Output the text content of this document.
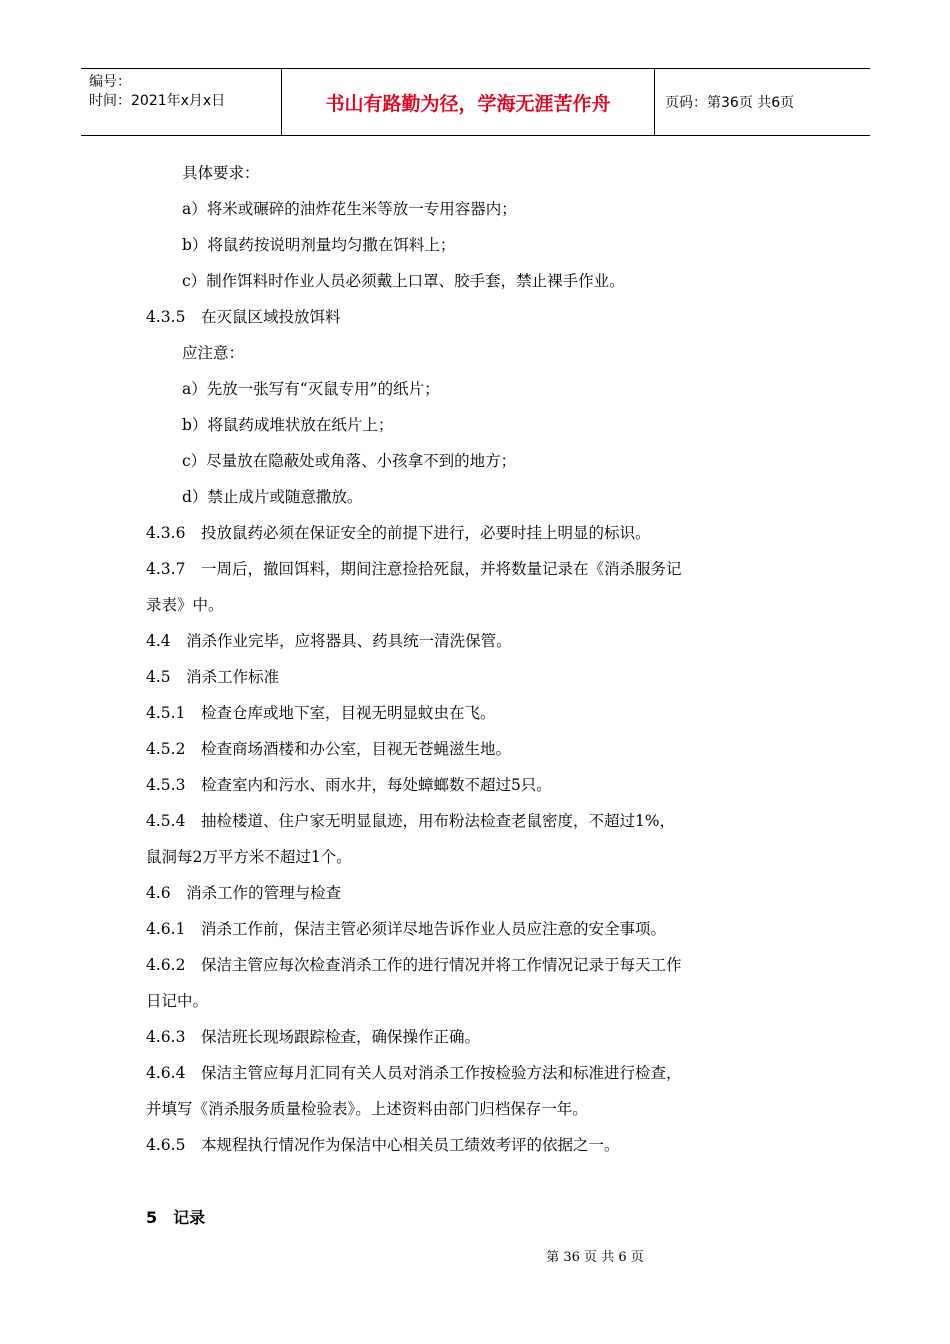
编号：
时间：2021年x月x日	书山有路勤为径，学海无涯苦作舟	页码：第36页 共6页
具体要求：
a）将米或碾碎的油炸花生米等放一专用容器内；
b）将鼠药按说明剂量均匀撒在饵料上；
c）制作饵料时作业人员必须戴上口罩、胶手套，禁止裸手作业。
4.3.5　在灭鼠区域投放饵料
应注意：
a）先放一张写有“灭鼠专用”的纸片；
b）将鼠药成堆状放在纸片上；
c）尽量放在隐蔽处或角落、小孩拿不到的地方；
d）禁止成片或随意撒放。
4.3.6　投放鼠药必须在保证安全的前提下进行，必要时挂上明显的标识。
4.3.7　一周后，撤回饵料，期间注意捡拾死鼠，并将数量记录在《消杀服务记
录表》中。
4.4　消杀作业完毕，应将器具、药具统一清洗保管。
4.5　消杀工作标准
4.5.1　检查仓库或地下室，目视无明显蚊虫在飞。
4.5.2　检查商场酒楼和办公室，目视无苍蝇滋生地。
4.5.3　检查室内和污水、雨水井，每处蟑螂数不超过5只。
4.5.4　抽检楼道、住户家无明显鼠迹，用布粉法检查老鼠密度，不超过1%，
鼠洞每2万平方米不超过1个。
4.6　消杀工作的管理与检查
4.6.1　消杀工作前，保洁主管必须详尽地告诉作业人员应注意的安全事项。
4.6.2　保洁主管应每次检查消杀工作的进行情况并将工作情况记录于每天工作
日记中。
4.6.3　保洁班长现场跟踪检查，确保操作正确。
4.6.4　保洁主管应每月汇同有关人员对消杀工作按检验方法和标准进行检查，
并填写《消杀服务质量检验表》。上述资料由部门归档保存一年。
4.6.5　本规程执行情况作为保洁中心相关员工绩效考评的依据之一。
5　记录
第 36 页 共 6 页
